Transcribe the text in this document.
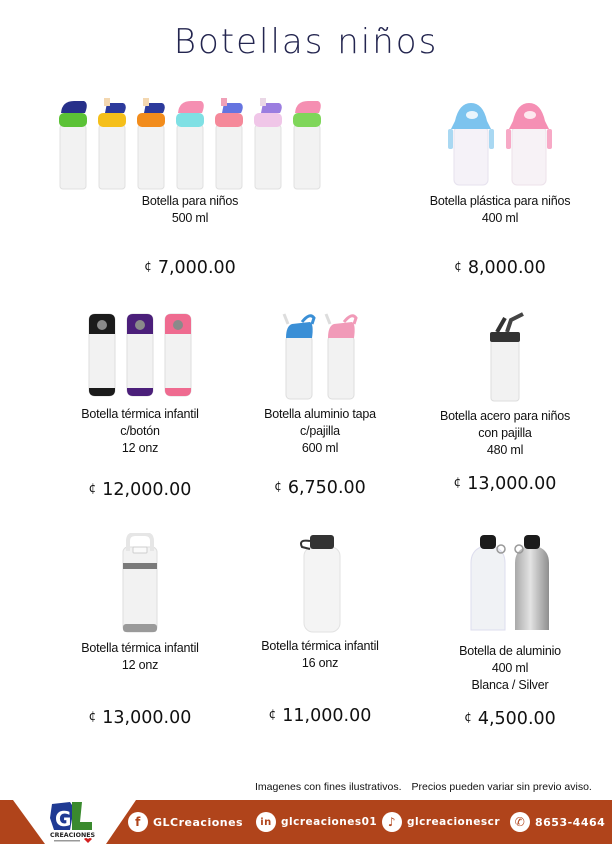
Botellas niños
Botella para niños
500 ml
¢ 7,000.00
Botella plástica para niños
400 ml
¢ 8,000.00
Botella térmica infantil
c/botón
12 onz
¢ 12,000.00
Botella aluminio tapa
c/pajilla
600 ml
¢ 6,750.00
Botella acero para niños
con pajilla
480 ml
¢ 13,000.00
Botella térmica infantil
12 onz
¢ 13,000.00
Botella térmica infantil
16 onz
¢ 11,000.00
Botella de aluminio
400 ml
Blanca / Silver
¢ 4,500.00
Imagenes con fines ilustrativos. Precios pueden variar sin previo aviso.
G
CREACIONES
f	GLCreaciones	in glcreaciones01 ♪	glcreacionescr	✆ 8653-4464
